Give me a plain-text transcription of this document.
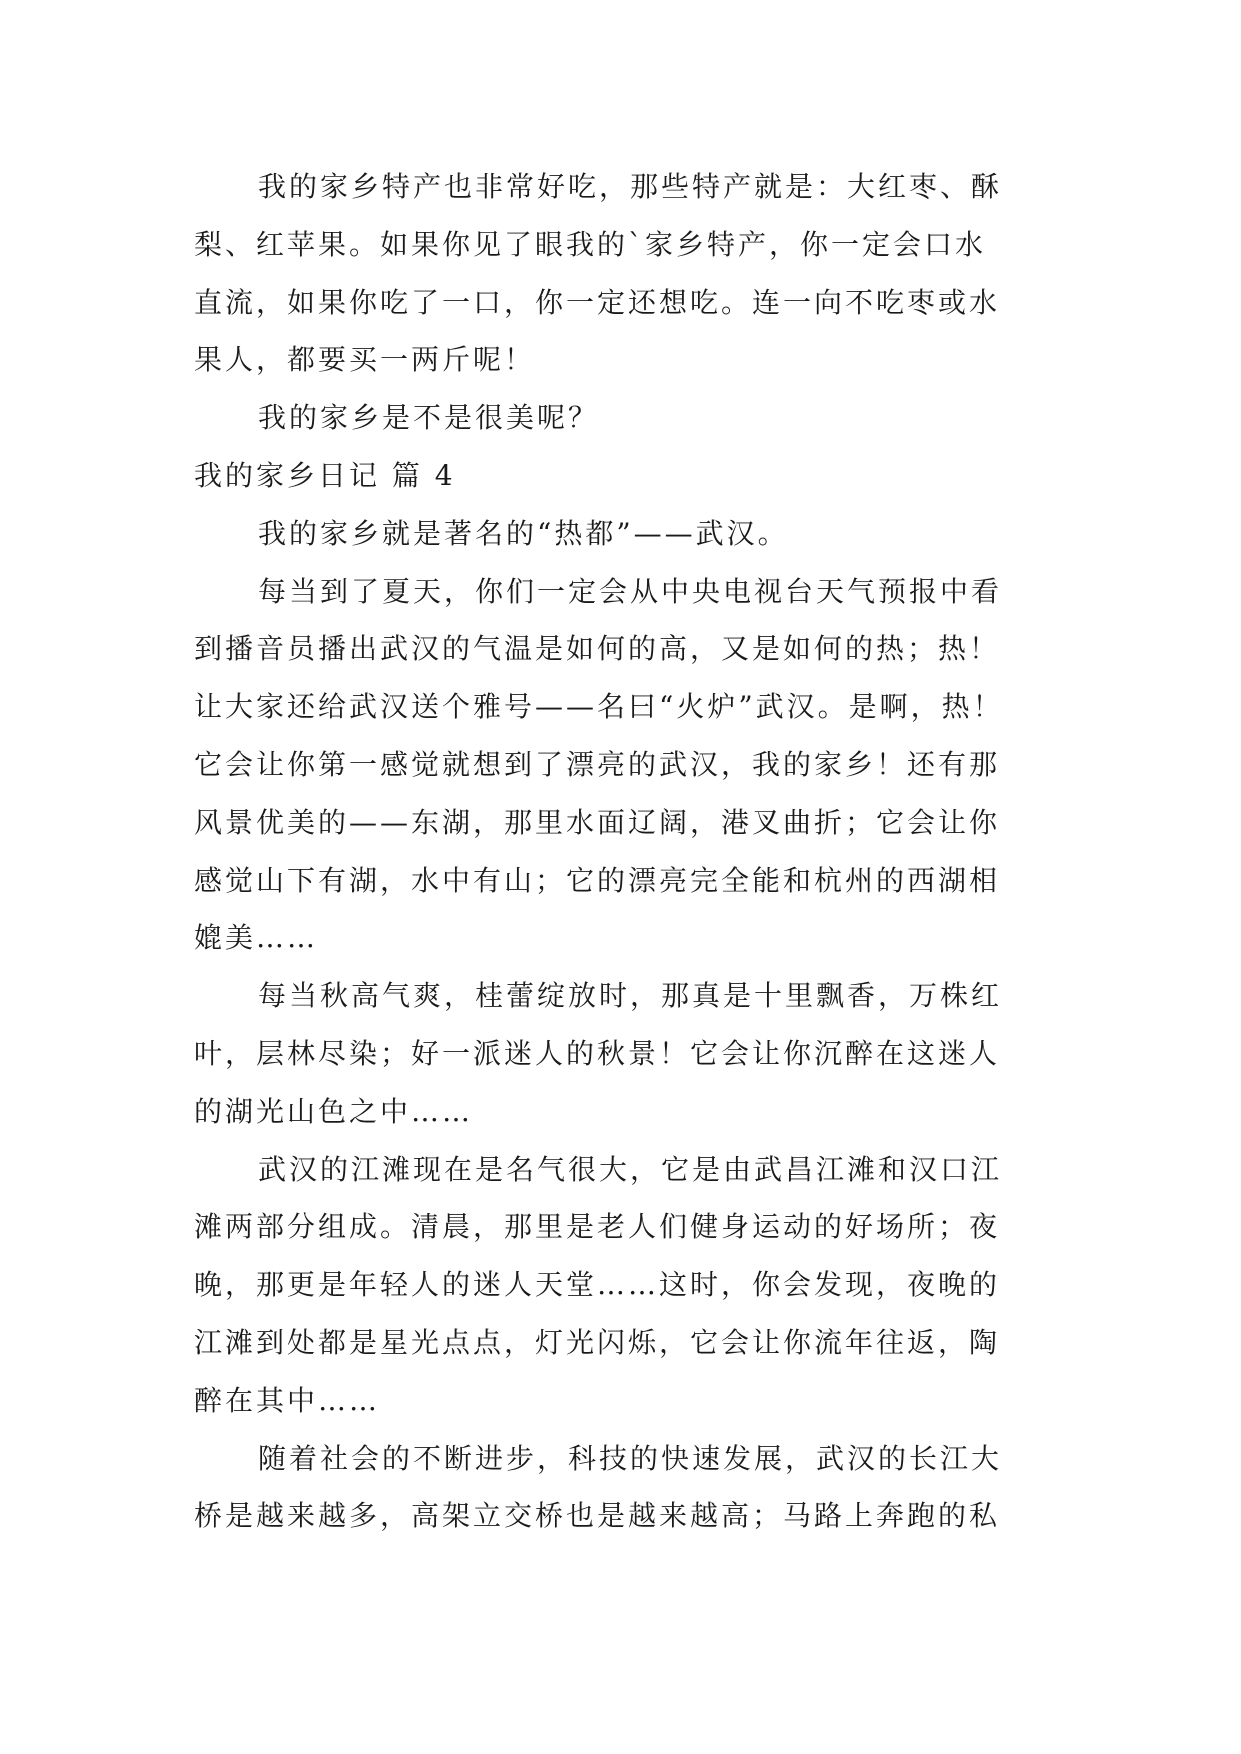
我的家乡特产也非常好吃，那些特产就是：大红枣、酥
梨、红苹果。如果你见了眼我的`家乡特产，你一定会口水
直流，如果你吃了一口，你一定还想吃。连一向不吃枣或水
果人，都要买一两斤呢！
我的家乡是不是很美呢？
我的家乡日记 篇 4
我的家乡就是著名的“热都”——武汉。
每当到了夏天，你们一定会从中央电视台天气预报中看
到播音员播出武汉的气温是如何的高，又是如何的热；热！
让大家还给武汉送个雅号——名曰“火炉”武汉。是啊，热！
它会让你第一感觉就想到了漂亮的武汉，我的家乡！还有那
风景优美的——东湖，那里水面辽阔，港叉曲折；它会让你
感觉山下有湖，水中有山；它的漂亮完全能和杭州的西湖相
媲美……
每当秋高气爽，桂蕾绽放时，那真是十里飘香，万株红
叶，层林尽染；好一派迷人的秋景！它会让你沉醉在这迷人
的湖光山色之中……
武汉的江滩现在是名气很大，它是由武昌江滩和汉口江
滩两部分组成。清晨，那里是老人们健身运动的好场所；夜
晚，那更是年轻人的迷人天堂……这时，你会发现，夜晚的
江滩到处都是星光点点，灯光闪烁，它会让你流年往返，陶
醉在其中……
随着社会的不断进步，科技的快速发展，武汉的长江大
桥是越来越多，高架立交桥也是越来越高；马路上奔跑的私
